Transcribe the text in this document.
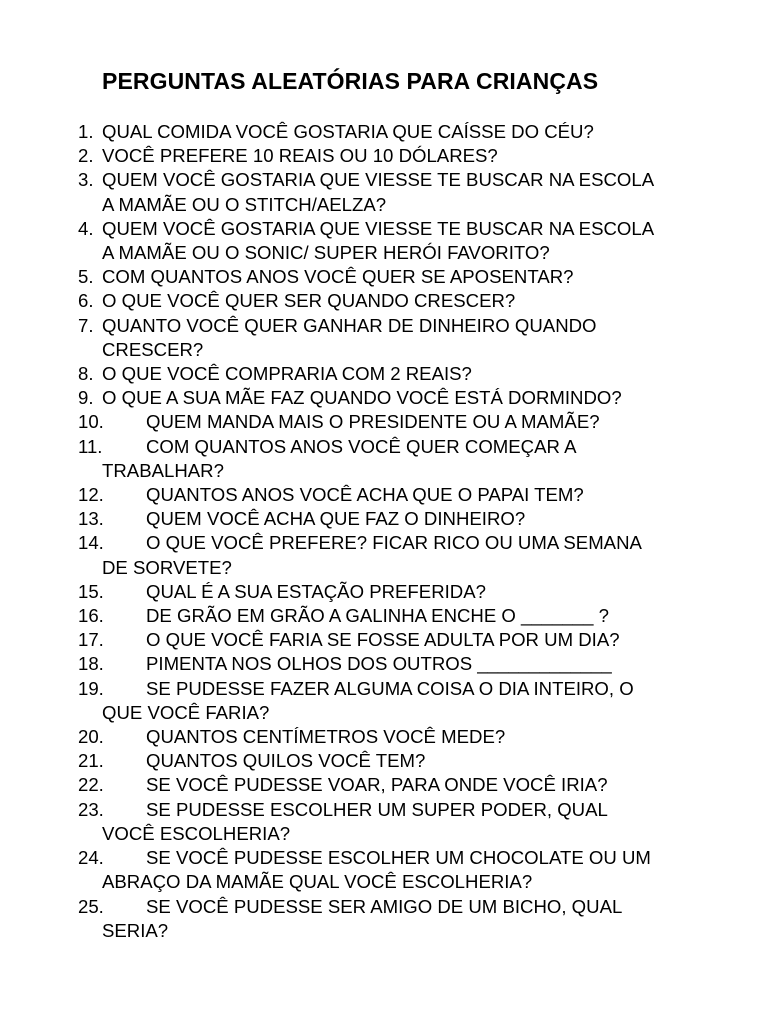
PERGUNTAS ALEATÓRIAS PARA CRIANÇAS
1. QUAL COMIDA VOCÊ GOSTARIA QUE CAÍSSE DO CÉU?
2. VOCÊ PREFERE 10 REAIS OU 10 DÓLARES?
3. QUEM VOCÊ GOSTARIA QUE VIESSE TE BUSCAR NA ESCOLA
A MAMÃE OU O STITCH/AELZA?
4. QUEM VOCÊ GOSTARIA QUE VIESSE TE BUSCAR NA ESCOLA
A MAMÃE OU O SONIC/ SUPER HERÓI FAVORITO?
5. COM QUANTOS ANOS VOCÊ QUER SE APOSENTAR?
6. O QUE VOCÊ QUER SER QUANDO CRESCER?
7. QUANTO VOCÊ QUER GANHAR DE DINHEIRO QUANDO
CRESCER?
8. O QUE VOCÊ COMPRARIA COM 2 REAIS?
9. O QUE A SUA MÃE FAZ QUANDO VOCÊ ESTÁ DORMINDO?
10. QUEM MANDA MAIS O PRESIDENTE OU A MAMÃE?
11. COM QUANTOS ANOS VOCÊ QUER COMEÇAR A
TRABALHAR?
12. QUANTOS ANOS VOCÊ ACHA QUE O PAPAI TEM?
13. QUEM VOCÊ ACHA QUE FAZ O DINHEIRO?
14. O QUE VOCÊ PREFERE? FICAR RICO OU UMA SEMANA
DE SORVETE?
15. QUAL É A SUA ESTAÇÃO PREFERIDA?
16. DE GRÃO EM GRÃO A GALINHA ENCHE O _______ ?
17. O QUE VOCÊ FARIA SE FOSSE ADULTA POR UM DIA?
18. PIMENTA NOS OLHOS DOS OUTROS _____________
19. SE PUDESSE FAZER ALGUMA COISA O DIA INTEIRO, O
QUE VOCÊ FARIA?
20. QUANTOS CENTÍMETROS VOCÊ MEDE?
21. QUANTOS QUILOS VOCÊ TEM?
22. SE VOCÊ PUDESSE VOAR, PARA ONDE VOCÊ IRIA?
23. SE PUDESSE ESCOLHER UM SUPER PODER, QUAL
VOCÊ ESCOLHERIA?
24. SE VOCÊ PUDESSE ESCOLHER UM CHOCOLATE OU UM
ABRAÇO DA MAMÃE QUAL VOCÊ ESCOLHERIA?
25. SE VOCÊ PUDESSE SER AMIGO DE UM BICHO, QUAL
SERIA?
